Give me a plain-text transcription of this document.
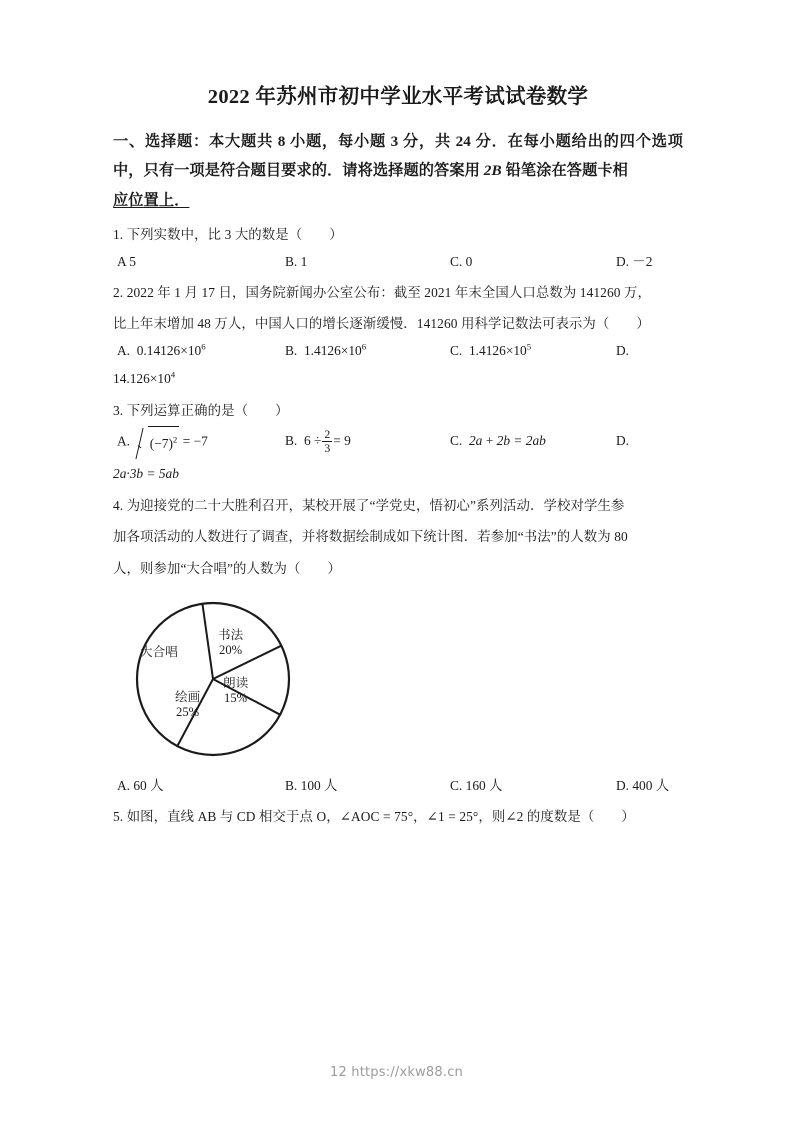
2022 年苏州市初中学业水平考试试卷数学

一、选择题：本大题共 8 小题，每小题 3 分，共 24 分．在每小题给出的四个选项中，只有一项是符合题目要求的．请将选择题的答案用 2B 铅笔涂在答题卡相
应位置上．

1. 下列实数中，比 3 大的数是（　　）
A 5	B. 1	C. 0	D. －2
2. 2022 年 1 月 17 日，国务院新闻办公室公布：截至 2021 年末全国人口总数为 141260 万，
比上年末增加 48 万人，中国人口的增长逐渐缓慢．141260 用科学记数法可表示为（　　）
A. $0.14126\times 10^6$	B. $1.4126\times 10^6$	C. $1.4126\times 10^5$	D.
$14.126\times 10^4$
3. 下列运算正确的是（　　）
A. $(-7)^2 = -7$	B. $6 \div \frac{2}{3} = 9$	C. 2a + 2b = 2ab	D.
2a·3b = 5ab
4. 为迎接党的二十大胜利召开，某校开展了“学党史，悟初心”系列活动．学校对学生参
加各项活动的人数进行了调查，并将数据绘制成如下统计图．若参加“书法”的人数为 80
人，则参加“大合唱”的人数为（　　）
大合唱
书法
20%
朗读
15%
绘画
25%
A. 60 人	B. 100 人	C. 160 人	D. 400 人
5. 如图，直线 AB 与 CD 相交于点 O，∠AOC = 75°，∠1 = 25°，则∠2 的度数是（　　）
12 https://xkw88.cn
